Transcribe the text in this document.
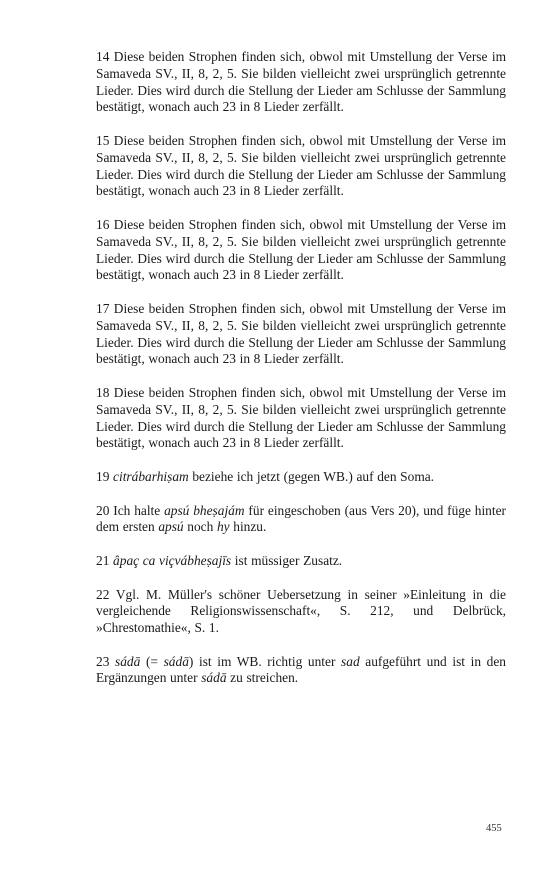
14 Diese beiden Strophen finden sich, obwol mit Umstellung der Verse im Samaveda SV., II, 8, 2, 5. Sie bilden vielleicht zwei ursprünglich getrennte Lieder. Dies wird durch die Stellung der Lieder am Schlusse der Sammlung bestätigt, wonach auch 23 in 8 Lieder zerfällt.

15 Diese beiden Strophen finden sich, obwol mit Umstellung der Verse im Samaveda SV., II, 8, 2, 5. Sie bilden vielleicht zwei ursprünglich getrennte Lieder. Dies wird durch die Stellung der Lieder am Schlusse der Sammlung bestätigt, wonach auch 23 in 8 Lieder zerfällt.

16 Diese beiden Strophen finden sich, obwol mit Umstellung der Verse im Samaveda SV., II, 8, 2, 5. Sie bilden vielleicht zwei ursprünglich getrennte Lieder. Dies wird durch die Stellung der Lieder am Schlusse der Sammlung bestätigt, wonach auch 23 in 8 Lieder zerfällt.

17 Diese beiden Strophen finden sich, obwol mit Umstellung der Verse im Samaveda SV., II, 8, 2, 5. Sie bilden vielleicht zwei ursprünglich getrennte Lieder. Dies wird durch die Stellung der Lieder am Schlusse der Sammlung bestätigt, wonach auch 23 in 8 Lieder zerfällt.

18 Diese beiden Strophen finden sich, obwol mit Umstellung der Verse im Samaveda SV., II, 8, 2, 5. Sie bilden vielleicht zwei ursprünglich getrennte Lieder. Dies wird durch die Stellung der Lieder am Schlusse der Sammlung bestätigt, wonach auch 23 in 8 Lieder zerfällt.

19 citrábarhiṣam beziehe ich jetzt (gegen WB.) auf den Soma.

20 Ich halte apsú bheṣajám für eingeschoben (aus Vers 20), und füge hinter dem ersten apsú noch hy hinzu.

21 âpaç ca viçvábheṣajīs ist müssiger Zusatz.

22 Vgl. M. Müller's schöner Uebersetzung in seiner »Einleitung in die vergleichende Religionswissenschaft«, S. 212, und Delbrück, »Chrestomathie«, S. 1.

23 sádā (= sádā) ist im WB. richtig unter sad aufgeführt und ist in den Ergänzungen unter sádā zu streichen.

455
